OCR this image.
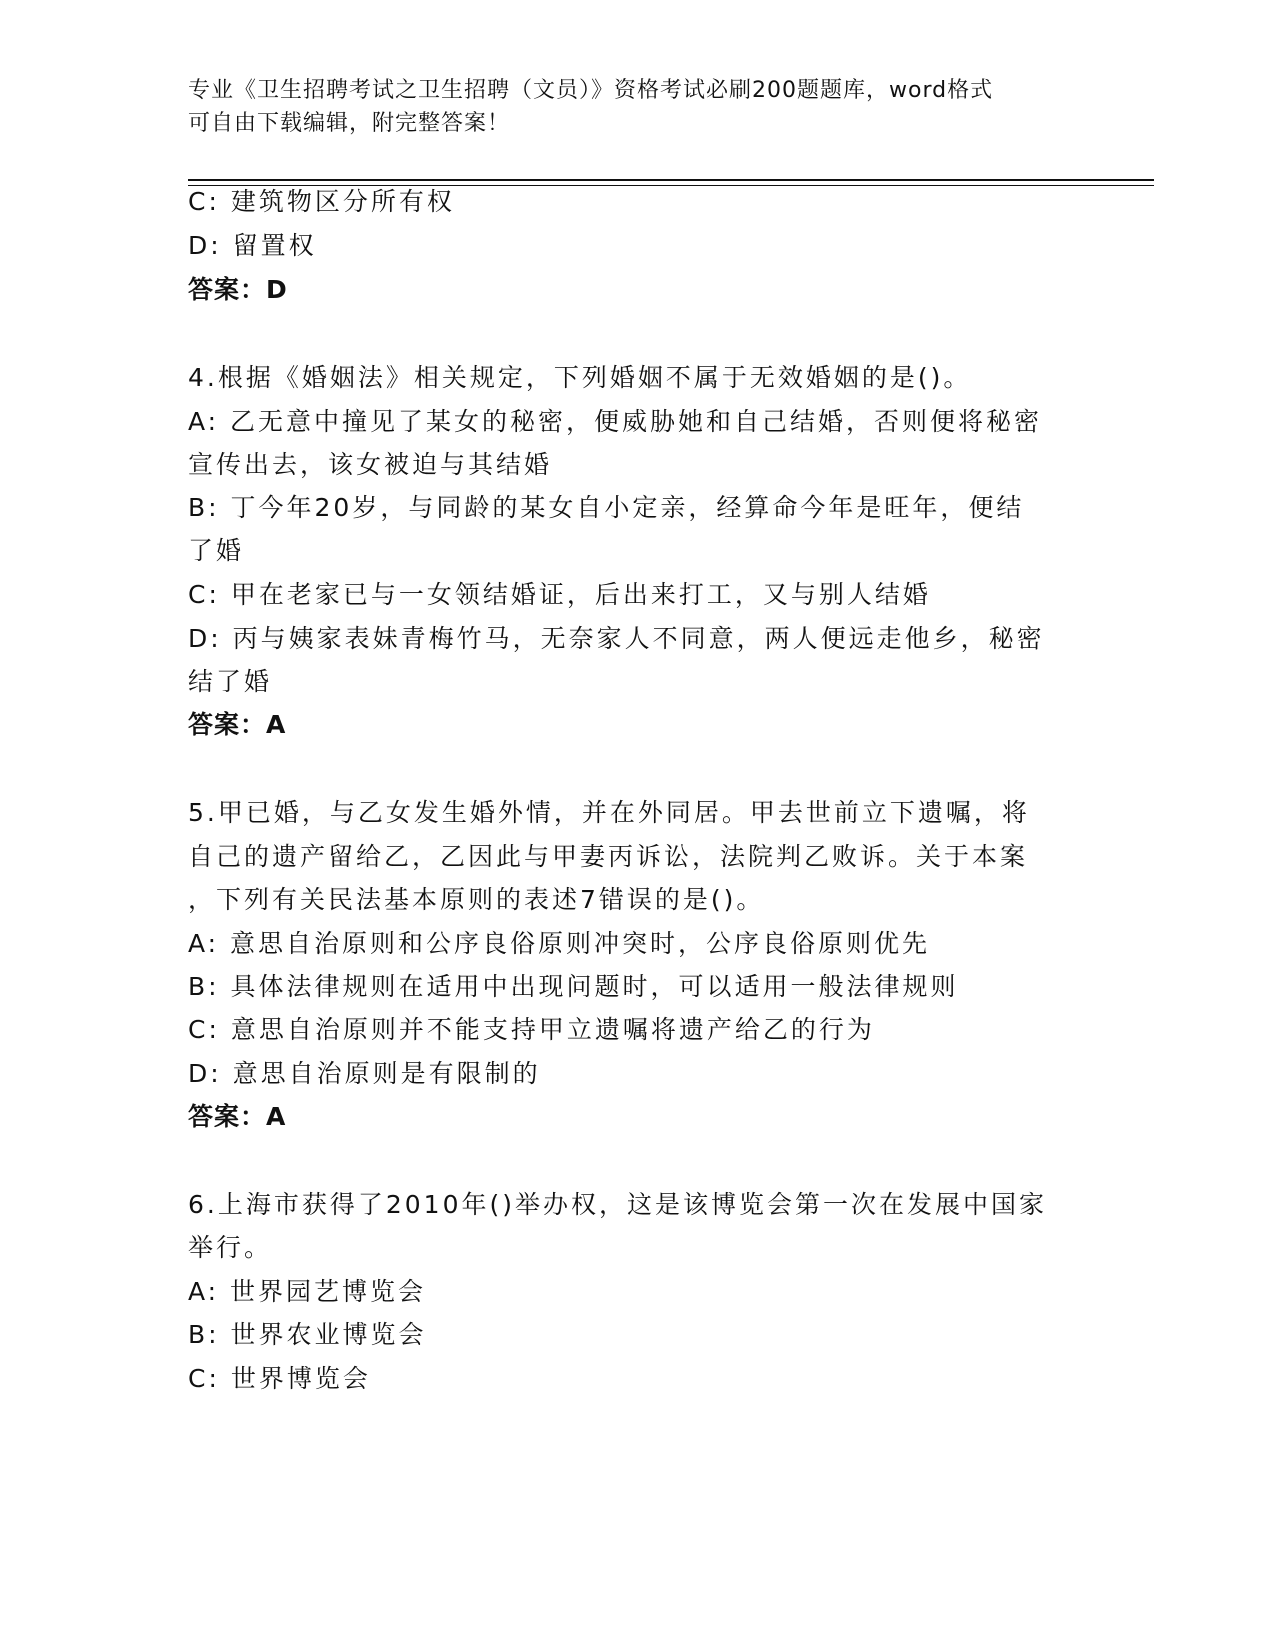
专业《卫生招聘考试之卫生招聘（文员）》资格考试必刷200题题库，word格式
可自由下载编辑，附完整答案！
C: 建筑物区分所有权
D: 留置权
答案：D
4.根据《婚姻法》相关规定，下列婚姻不属于无效婚姻的是()。
A: 乙无意中撞见了某女的秘密，便威胁她和自己结婚，否则便将秘密
宣传出去，该女被迫与其结婚
B: 丁今年20岁，与同龄的某女自小定亲，经算命今年是旺年，便结
了婚
C: 甲在老家已与一女领结婚证，后出来打工，又与别人结婚
D: 丙与姨家表妹青梅竹马，无奈家人不同意，两人便远走他乡，秘密
结了婚
答案：A
5.甲已婚，与乙女发生婚外情，并在外同居。甲去世前立下遗嘱，将
自己的遗产留给乙，乙因此与甲妻丙诉讼，法院判乙败诉。关于本案
，下列有关民法基本原则的表述7错误的是()。
A: 意思自治原则和公序良俗原则冲突时，公序良俗原则优先
B: 具体法律规则在适用中出现问题时，可以适用一般法律规则
C: 意思自治原则并不能支持甲立遗嘱将遗产给乙的行为
D: 意思自治原则是有限制的
答案：A
6.上海市获得了2010年()举办权，这是该博览会第一次在发展中国家
举行。
A: 世界园艺博览会
B: 世界农业博览会
C: 世界博览会
